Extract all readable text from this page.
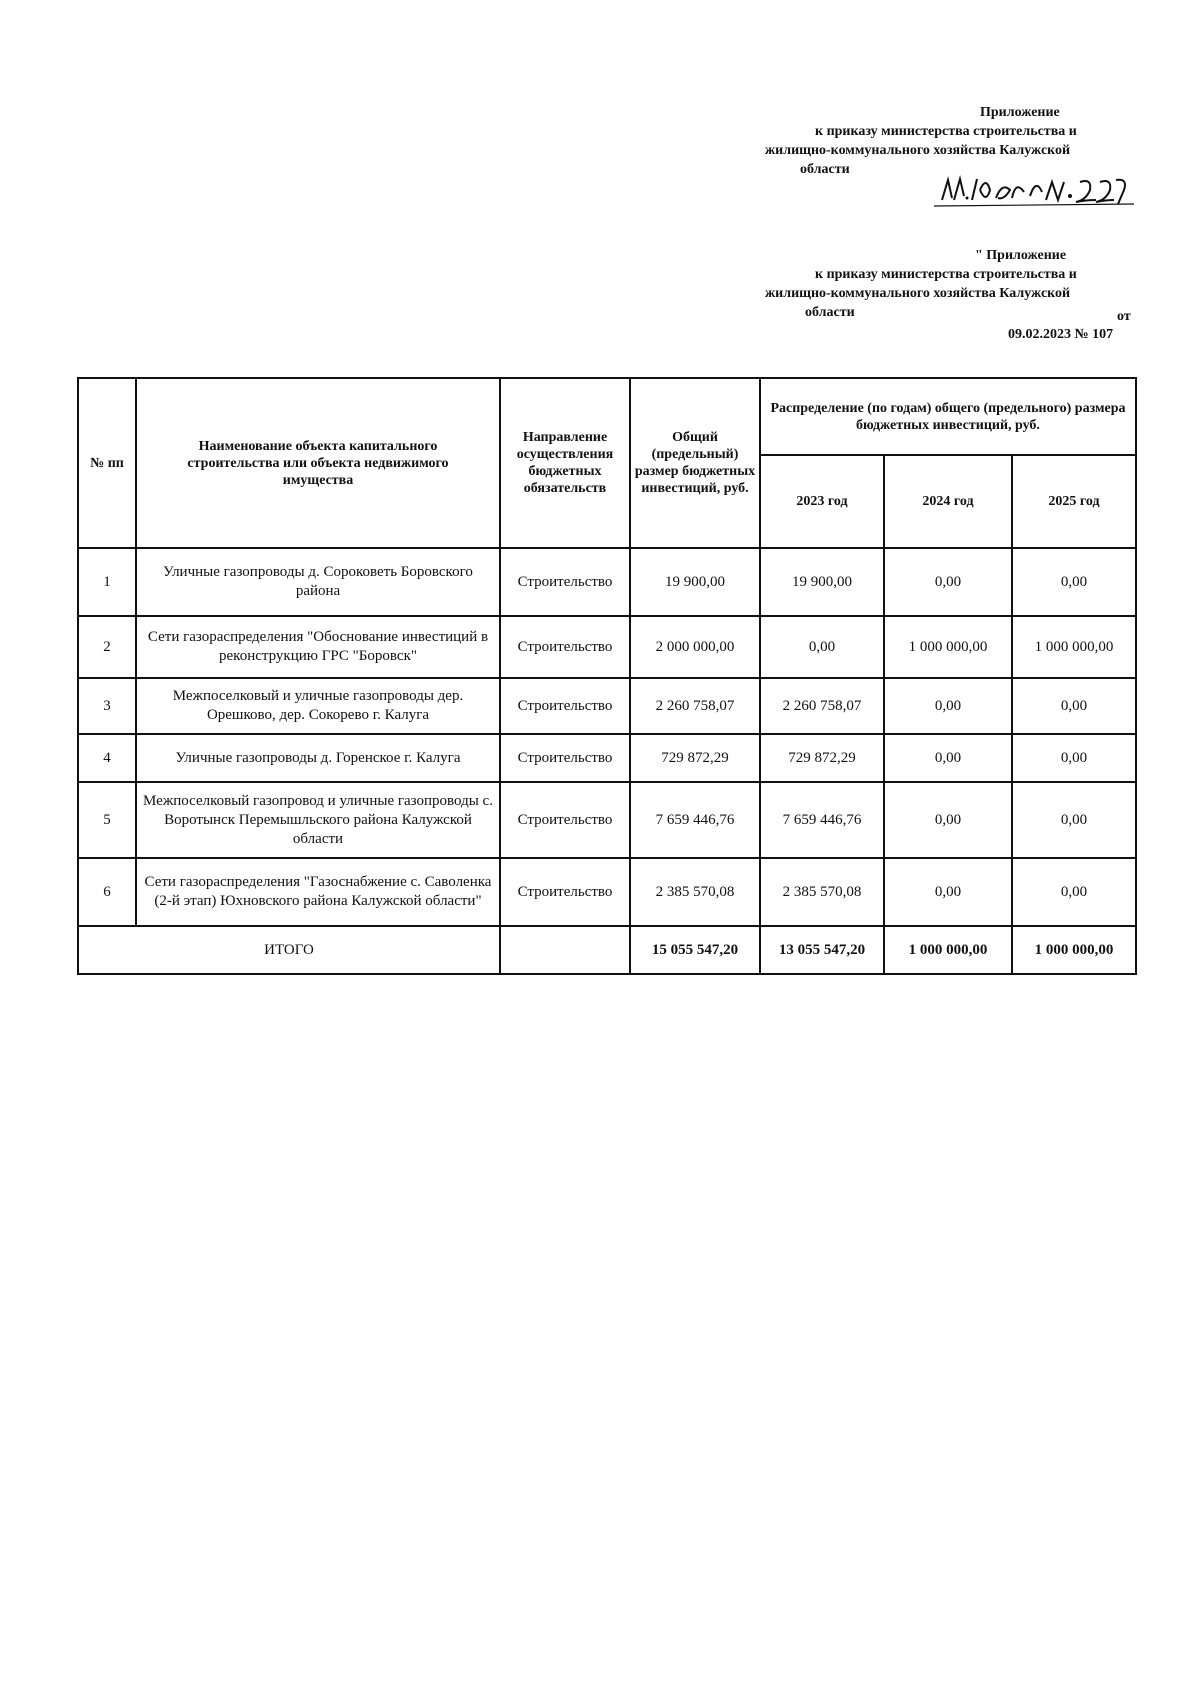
Приложение
к приказу министерства строительства и
жилищно-коммунального хозяйства Калужской
области
" Приложение
к приказу министерства строительства и
жилищно-коммунального хозяйства Калужской
области	от
09.02.2023 № 107
№ пп	Наименование объекта капитального строительства или объекта недвижимого имущества	Направление осуществления бюджетных обязательств	Общий (предельный) размер бюджетных инвестиций, руб.	Распределение (по годам) общего (предельного) размера бюджетных инвестиций, руб.		
				2023 год	2024 год	2025 год
1	Уличные газопроводы д. Сороковеть Боровского района	Строительство	19 900,00	19 900,00	0,00	0,00
2	Сети газораспределения "Обоснование инвестиций в реконструкцию ГРС "Боровск"	Строительство	2 000 000,00	0,00	1 000 000,00	1 000 000,00
3	Межпоселковый и уличные газопроводы дер. Орешково, дер. Сокорево г. Калуга	Строительство	2 260 758,07	2 260 758,07	0,00	0,00
4	Уличные газопроводы д. Горенское г. Калуга	Строительство	729 872,29	729 872,29	0,00	0,00
5	Межпоселковый газопровод и уличные газопроводы с. Воротынск Перемышльского района Калужской области	Строительство	7 659 446,76	7 659 446,76	0,00	0,00
6	Сети газораспределения "Газоснабжение с. Саволенка (2-й этап) Юхновского района Калужской области"	Строительство	2 385 570,08	2 385 570,08	0,00	0,00
ИТОГО			15 055 547,20	13 055 547,20	1 000 000,00	1 000 000,00
